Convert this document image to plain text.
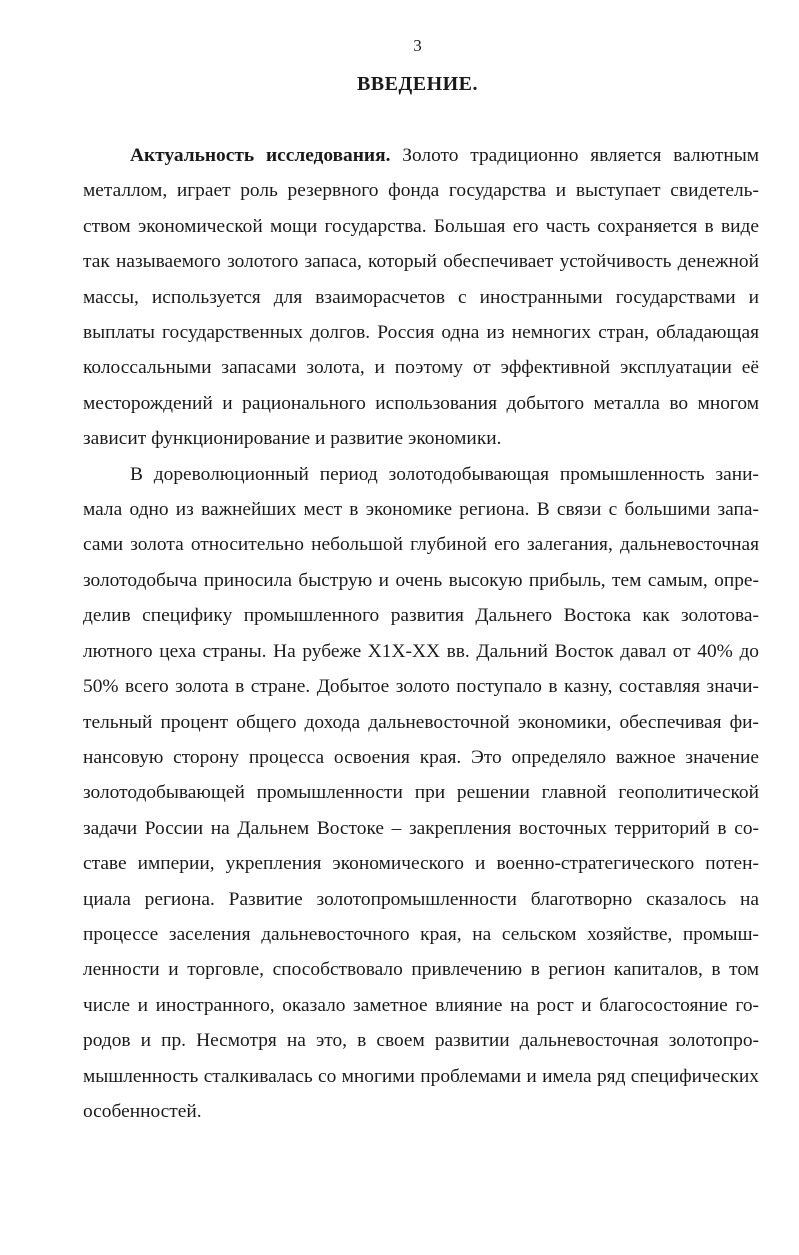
3
ВВЕДЕНИЕ.

Актуальность исследования. Золото традиционно является валютным металлом, играет роль резервного фонда государства и выступает свидетельством экономической мощи государства. Большая его часть сохраняется в виде так называемого золотого запаса, который обеспечивает устойчивость денежной массы, используется для взаиморасчетов с иностранными государствами и выплаты государственных долгов. Россия одна из немногих стран, обладающая колоссальными запасами золота, и поэтому от эффективной эксплуатации её месторождений и рационального использования добытого металла во многом зависит функционирование и развитие экономики.

В дореволюционный период золотодобывающая промышленность занимала одно из важнейших мест в экономике региона. В связи с большими запасами золота относительно небольшой глубиной его залегания, дальневосточная золотодобыча приносила быструю и очень высокую прибыль, тем самым, определив специфику промышленного развития Дальнего Востока как золотовалютного цеха страны. На рубеже Х1Х-ХХ вв. Дальний Восток давал от 40% до 50% всего золота в стране. Добытое золото поступало в казну, составляя значительный процент общего дохода дальневосточной экономики, обеспечивая финансовую сторону процесса освоения края. Это определяло важное значение золотодобывающей промышленности при решении главной геополитической задачи России на Дальнем Востоке – закрепления восточных территорий в составе империи, укрепления экономического и военно-стратегического потенциала региона. Развитие золотопромышленности благотворно сказалось на процессе заселения дальневосточного края, на сельском хозяйстве, промышленности и торговле, способствовало привлечению в регион капиталов, в том числе и иностранного, оказало заметное влияние на рост и благосостояние городов и пр. Несмотря на это, в своем развитии дальневосточная золотопромышленность сталкивалась со многими проблемами и имела ряд специфических особенностей.
